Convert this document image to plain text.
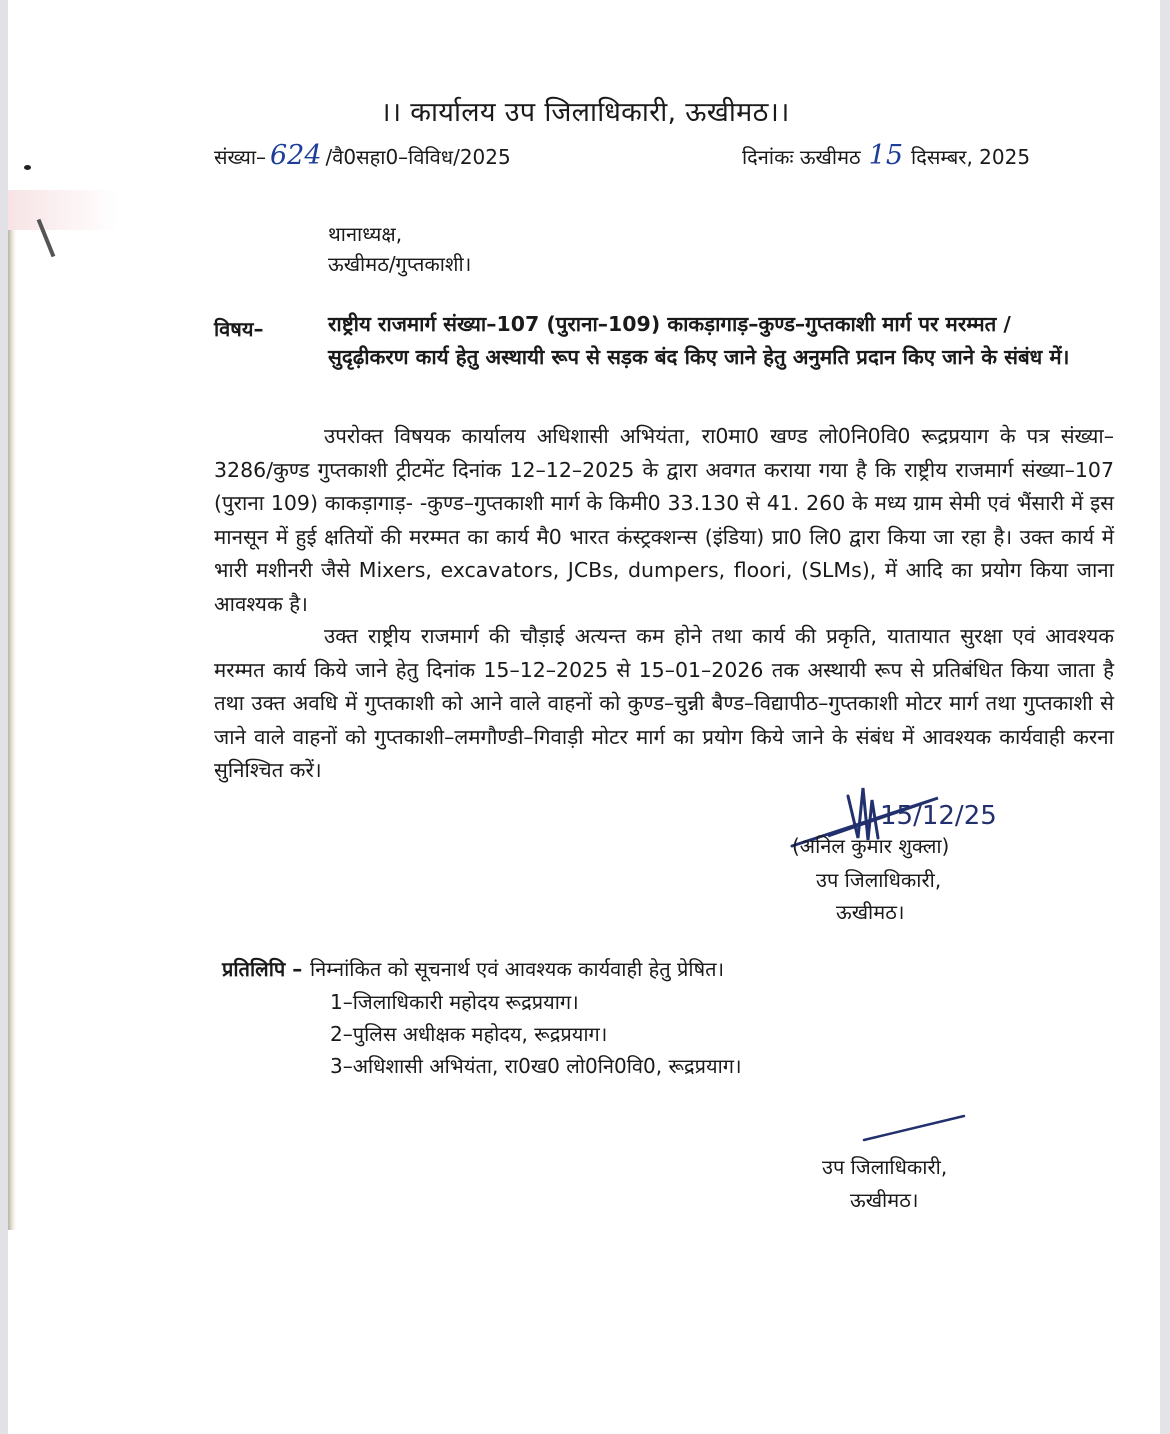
।। कार्यालय उप जिलाधिकारी, ऊखीमठ।।
संख्या– 624 /वै0सहा0–विविध/2025	दिनांकः ऊखीमठ 15 दिसम्बर, 2025
थानाध्यक्ष,
ऊखीमठ/गुप्तकाशी।
विषय–	राष्ट्रीय राजमार्ग संख्या–107 (पुराना–109) काकड़ागाड़–कुण्ड–गुप्तकाशी मार्ग पर मरम्मत /सुदृढ़ीकरण कार्य हेतु अस्थायी रूप से सड़क बंद किए जाने हेतु अनुमति प्रदान किए जाने के संबंध में।
उपरोक्त विषयक कार्यालय अधिशासी अभियंता, रा0मा0 खण्ड लो0नि0वि0 रूद्रप्रयाग के पत्र संख्या–3286/कुण्ड गुप्तकाशी ट्रीटमेंट दिनांक 12–12–2025 के द्वारा अवगत कराया गया है कि राष्ट्रीय राजमार्ग संख्या–107 (पुराना 109) काकड़ागाड़- -कुण्ड–गुप्तकाशी मार्ग के किमी0 33.130 से 41. 260 के मध्य ग्राम सेमी एवं भैंसारी में इस मानसून में हुई क्षतियों की मरम्मत का कार्य मै0 भारत कंस्ट्रक्शन्स (इंडिया) प्रा0 लि0 द्वारा किया जा रहा है। उक्त कार्य में भारी मशीनरी जैसे Mixers, excavators, JCBs, dumpers, floori, (SLMs), में आदि का प्रयोग किया जाना आवश्यक है।
उक्त राष्ट्रीय राजमार्ग की चौड़ाई अत्यन्त कम होने तथा कार्य की प्रकृति, यातायात सुरक्षा एवं आवश्यक मरम्मत कार्य किये जाने हेतु दिनांक 15–12–2025 से 15–01–2026 तक अस्थायी रूप से प्रतिबंधित किया जाता है तथा उक्त अवधि में गुप्तकाशी को आने वाले वाहनों को कुण्ड–चुन्नी बैण्ड–विद्यापीठ–गुप्तकाशी मोटर मार्ग तथा गुप्तकाशी से जाने वाले वाहनों को गुप्तकाशी–लमगौण्डी–गिवाड़ी मोटर मार्ग का प्रयोग किये जाने के संबंध में आवश्यक कार्यवाही करना सुनिश्चित करें।
15/12/25
(अनिल कुमार शुक्ला)
उप जिलाधिकारी,
ऊखीमठ।
प्रतिलिपि – निम्नांकित को सूचनार्थ एवं आवश्यक कार्यवाही हेतु प्रेषित।
1–जिलाधिकारी महोदय रूद्रप्रयाग।
2–पुलिस अधीक्षक महोदय, रूद्रप्रयाग।
3–अधिशासी अभियंता, रा0ख0 लो0नि0वि0, रूद्रप्रयाग।
उप जिलाधिकारी,
ऊखीमठ।
